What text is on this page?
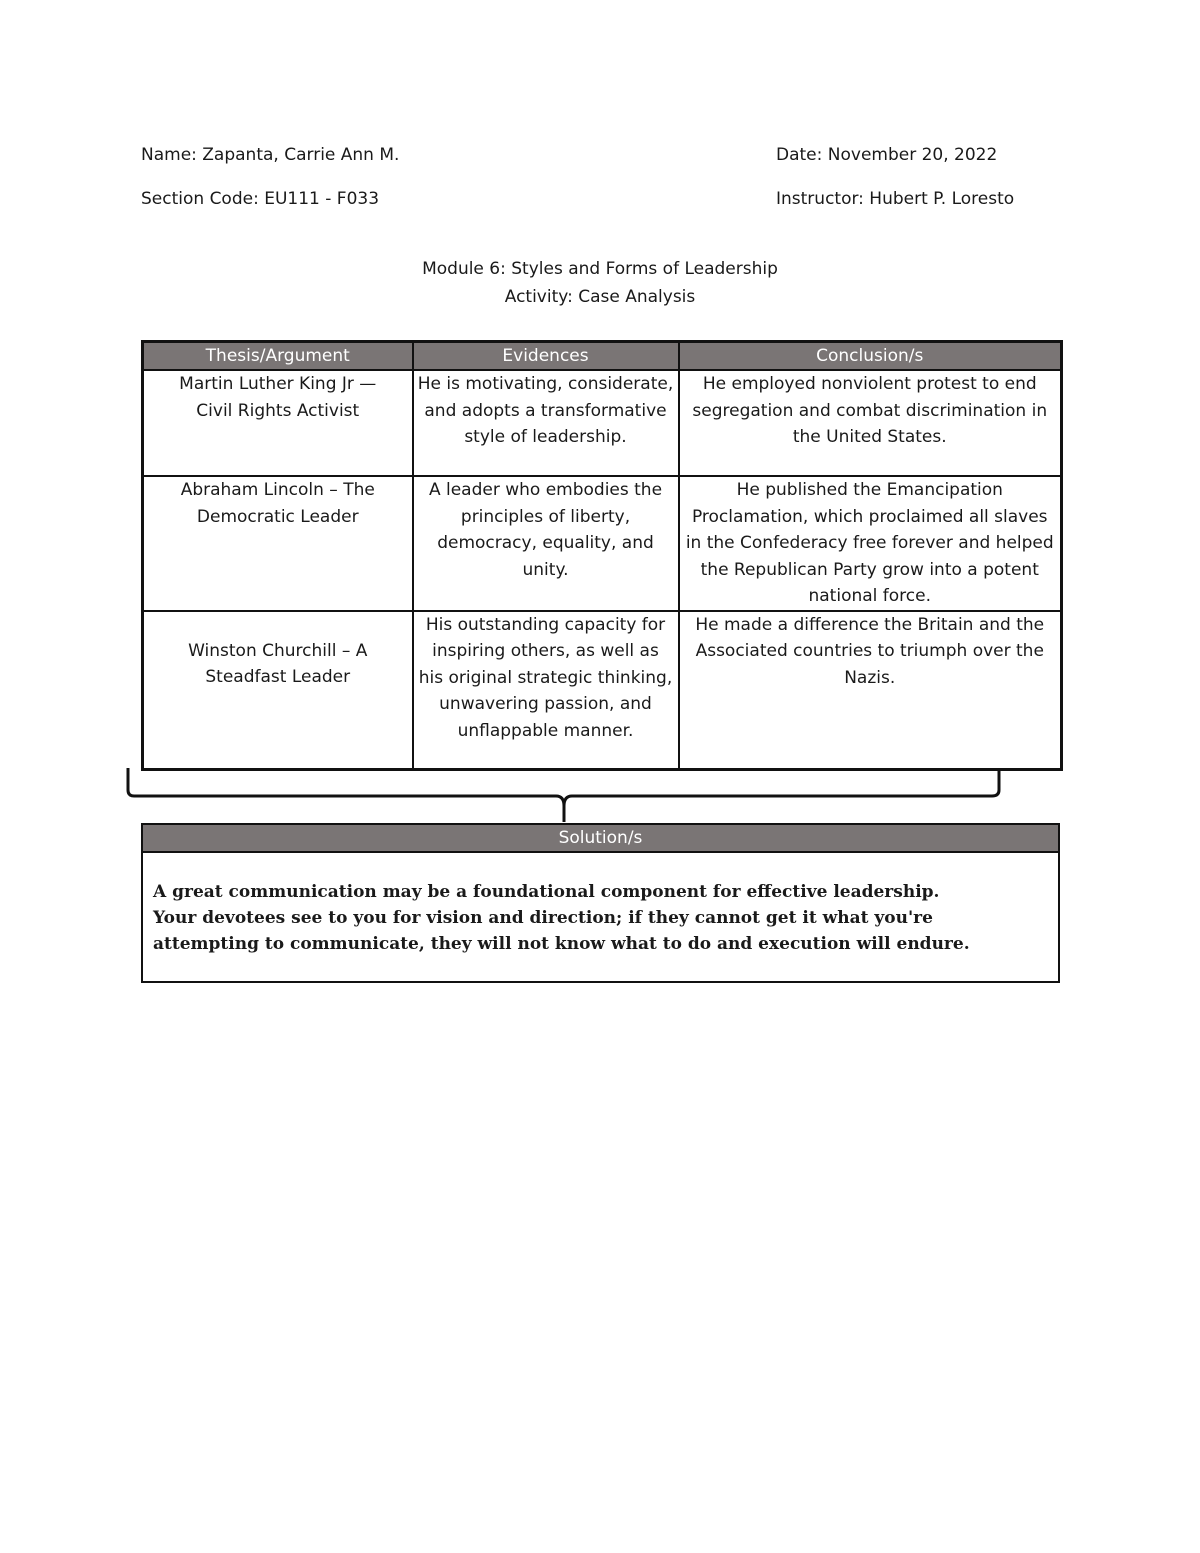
Name: Zapanta, Carrie Ann M.	Date: November 20, 2022
Section Code: EU111 - F033	Instructor: Hubert P. Loresto
Module 6: Styles and Forms of Leadership
Activity: Case Analysis
Thesis/Argument	Evidences	Conclusion/s
Martin Luther King Jr — Civil Rights Activist	He is motivating, considerate, and adopts a transformative style of leadership.	He employed nonviolent protest to end segregation and combat discrimination in the United States.
Abraham Lincoln – The Democratic Leader	A leader who embodies the principles of liberty, democracy, equality, and unity.	He published the Emancipation Proclamation, which proclaimed all slaves in the Confederacy free forever and helped the Republican Party grow into a potent national force.
Winston Churchill – A Steadfast Leader	His outstanding capacity for inspiring others, as well as his original strategic thinking, unwavering passion, and unflappable manner.	He made a difference the Britain and the Associated countries to triumph over the Nazis.
Solution/s

A great communication may be a foundational component for effective leadership.

Your devotees see to you for vision and direction; if they cannot get it what you're attempting to communicate, they will not know what to do and execution will endure.
